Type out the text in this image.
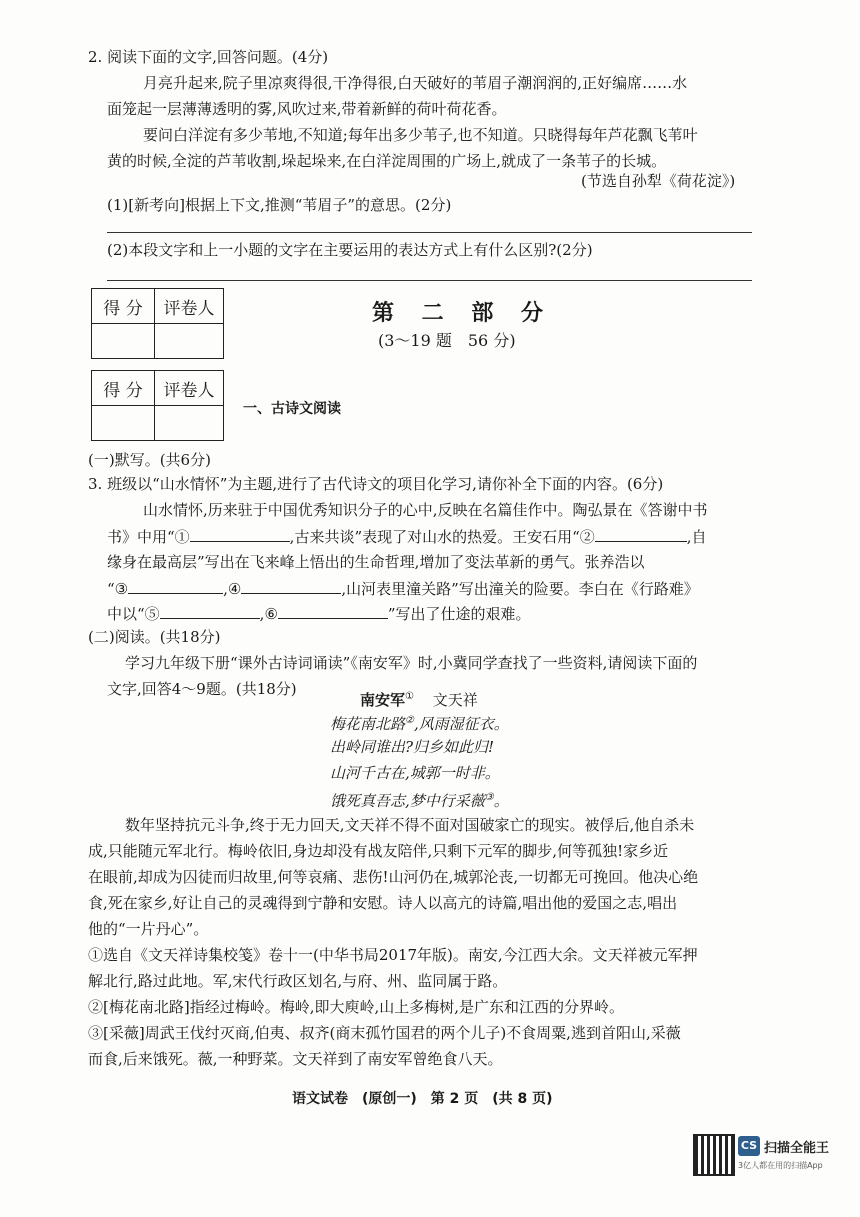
2. 阅读下面的文字,回答问题。(4分)
月亮升起来,院子里凉爽得很,干净得很,白天破好的苇眉子潮润润的,正好编席……水
面笼起一层薄薄透明的雾,风吹过来,带着新鲜的荷叶荷花香。
要问白洋淀有多少苇地,不知道;每年出多少苇子,也不知道。只晓得每年芦花飘飞苇叶
黄的时候,全淀的芦苇收割,垛起垛来,在白洋淀周围的广场上,就成了一条苇子的长城。
(节选自孙犁《荷花淀》)
(1)[新考向]根据上下文,推测“苇眉子”的意思。(2分)
(2)本段文字和上一小题的文字在主要运用的表达方式上有什么区别?(2分)
得 分	评卷人
		第 二 部 分
(3～19 题　56 分)
得 分	评卷人

一、古诗文阅读
(一)默写。(共6分)
3. 班级以“山水情怀”为主题,进行了古代诗文的项目化学习,请你补全下面的内容。(6分)
山水情怀,历来驻于中国优秀知识分子的心中,反映在名篇佳作中。陶弘景在《答谢中书
书》中用“①	,古来共谈”表现了对山水的热爱。王安石用“②	,自
缘身在最高层”写出在飞来峰上悟出的生命哲理,增加了变法革新的勇气。张养浩以
“③	,④	,山河表里潼关路”写出潼关的险要。李白在《行路难》
中以“⑤	,⑥	”写出了仕途的艰难。
(二)阅读。(共18分)
学习九年级下册“课外古诗词诵读”《南安军》时,小冀同学查找了一些资料,请阅读下面的
文字,回答4～9题。(共18分)
南安军① 文天祥
梅花南北路②,风雨湿征衣。
出岭同谁出?归乡如此归!
山河千古在,城郭一时非。
饿死真吾志,梦中行采薇③。
数年坚持抗元斗争,终于无力回天,文天祥不得不面对国破家亡的现实。被俘后,他自杀未
成,只能随元军北行。梅岭依旧,身边却没有战友陪伴,只剩下元军的脚步,何等孤独!家乡近
在眼前,却成为囚徒而归故里,何等哀痛、悲伤!山河仍在,城郭沦丧,一切都无可挽回。他决心绝
食,死在家乡,好让自己的灵魂得到宁静和安慰。诗人以高亢的诗篇,唱出他的爱国之志,唱出
他的“一片丹心”。
①选自《文天祥诗集校笺》卷十一(中华书局2017年版)。南安,今江西大余。文天祥被元军押
解北行,路过此地。军,宋代行政区划名,与府、州、监同属于路。
②[梅花南北路]指经过梅岭。梅岭,即大庾岭,山上多梅树,是广东和江西的分界岭。
③[采薇]周武王伐纣灭商,伯夷、叔齐(商末孤竹国君的两个儿子)不食周粟,逃到首阳山,采薇
而食,后来饿死。薇,一种野菜。文天祥到了南安军曾绝食八天。
语文试卷　(原创一)　第 2 页　(共 8 页)
CS 扫描全能王
3亿人都在用的扫描App
